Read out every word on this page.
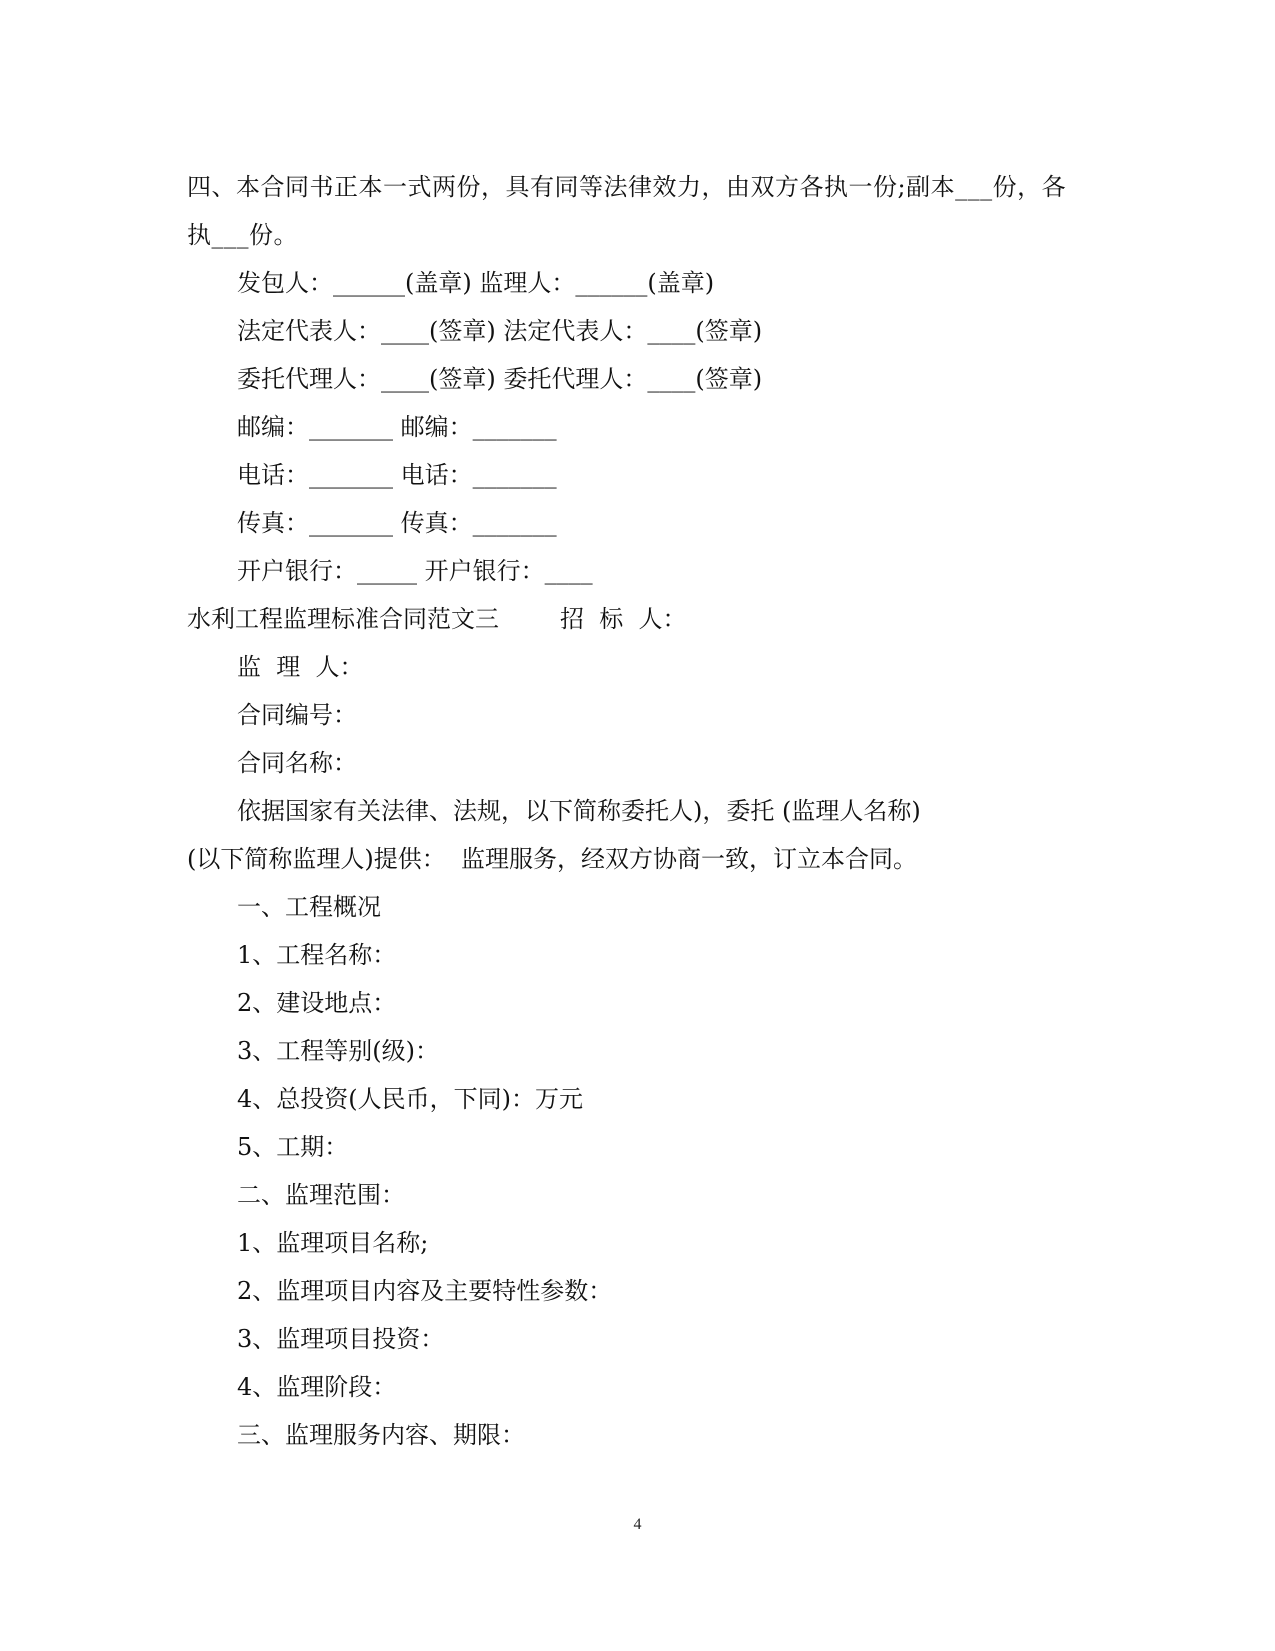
四、本合同书正本一式两份，具有同等法律效力，由双方各执一份;副本___份，各执___份。
发包人：______(盖章) 监理人：______(盖章)
法定代表人：____(签章) 法定代表人：____(签章)
委托代理人：____(签章) 委托代理人：____(签章)
邮编：_______ 邮编：_______
电话：_______ 电话：_______
传真：_______ 传真：_______
开户银行：_____ 开户银行：____
水利工程监理标准合同范文三        招  标  人：
监  理  人：
合同编号：
合同名称：
依据国家有关法律、法规，以下简称委托人)，委托 (监理人名称)
(以下简称监理人)提供：  监理服务，经双方协商一致，订立本合同。
一、工程概况
1、工程名称：
2、建设地点：
3、工程等别(级)：
4、总投资(人民币，下同)：万元
5、工期：
二、监理范围：
1、监理项目名称;
2、监理项目内容及主要特性参数：
3、监理项目投资：
4、监理阶段：
三、监理服务内容、期限：
4
